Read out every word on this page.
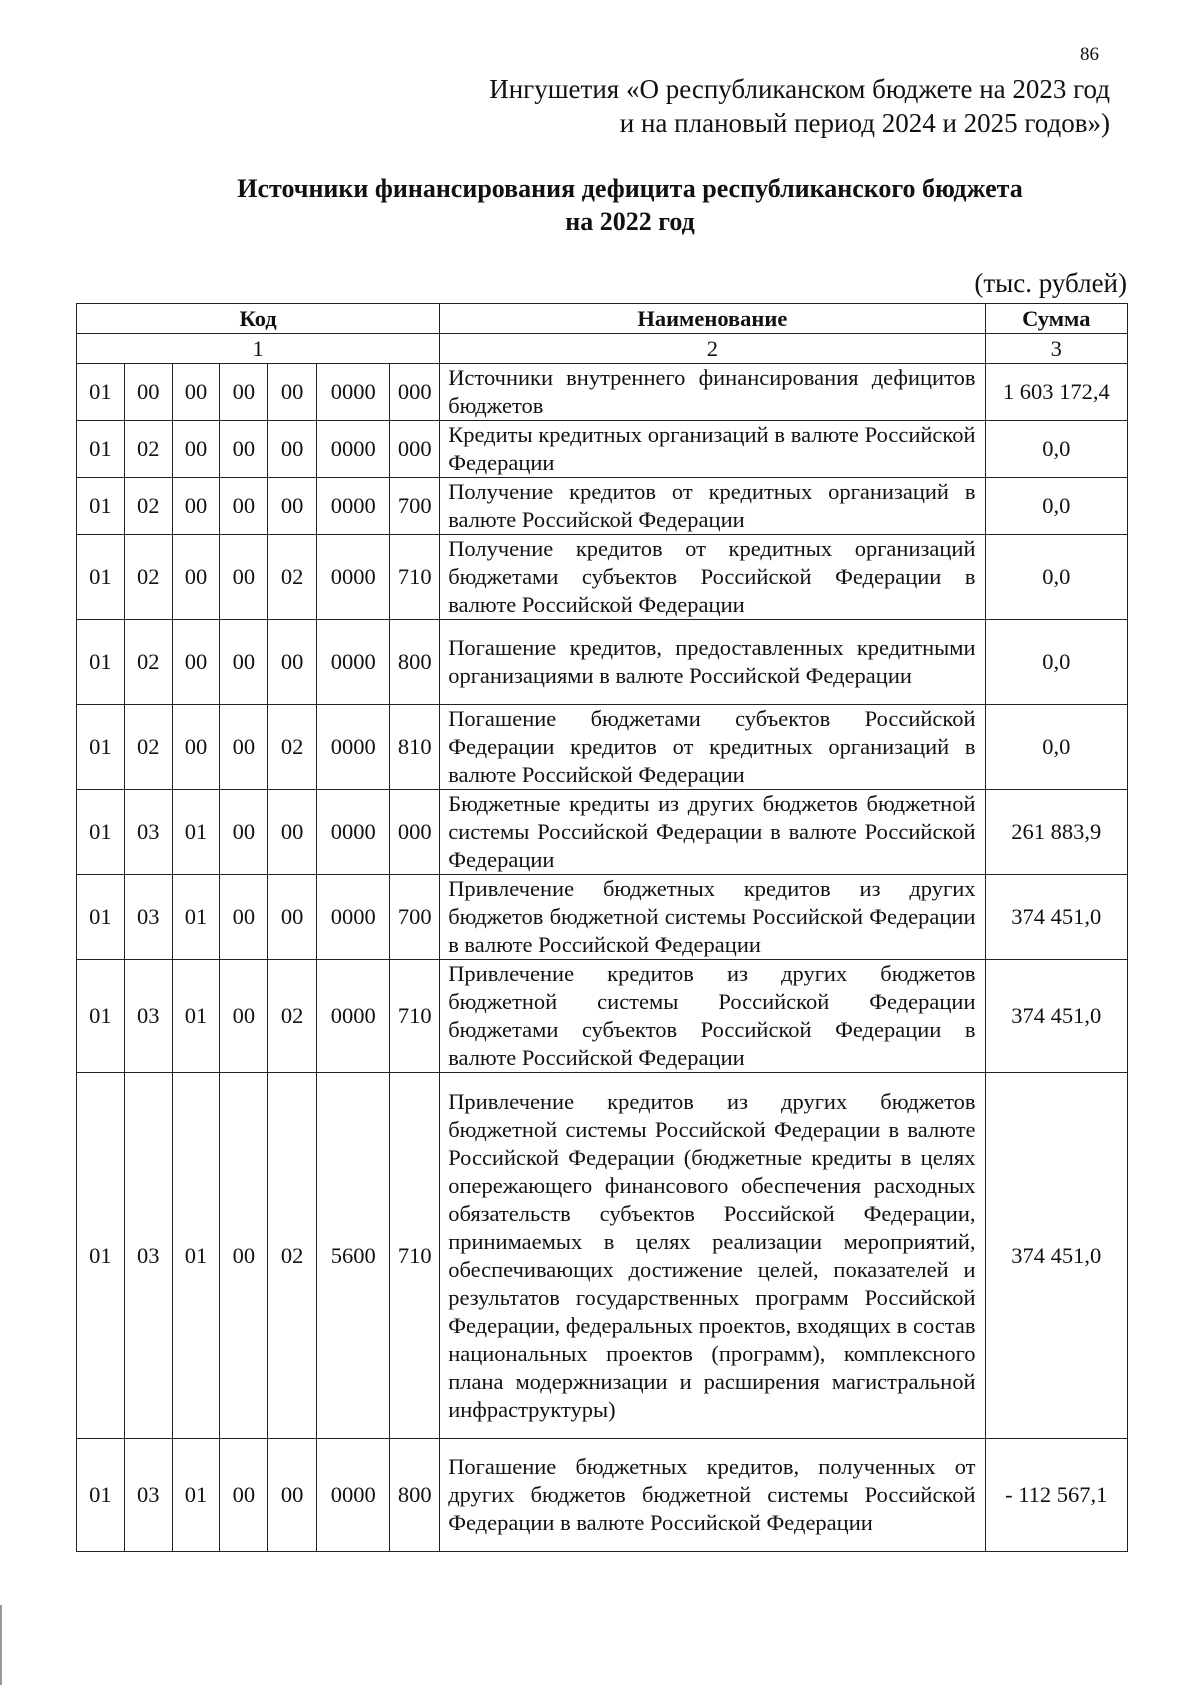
86
Ингушетия «О республиканском бюджете на 2023 год
и на плановый период 2024 и 2025 годов»)
Источники финансирования дефицита республиканского бюджета
на 2022 год
(тыс. рублей)
Код							Наименование	Сумма
1							2	3
01	00	00	00	00	0000	000	Источники внутреннего финансирования дефицитов бюджетов	1 603 172,4
01	02	00	00	00	0000	000	Кредиты кредитных организаций в валюте Российской Федерации	0,0
01	02	00	00	00	0000	700	Получение кредитов от кредитных организаций в валюте Российской Федерации	0,0
01	02	00	00	02	0000	710	Получение кредитов от кредитных организаций бюджетами субъектов Российской Федерации в валюте Российской Федерации	0,0
01	02	00	00	00	0000	800	Погашение кредитов, предоставленных кредитными организациями в валюте Российской Федерации	0,0
01	02	00	00	02	0000	810	Погашение бюджетами субъектов Российской Федерации кредитов от кредитных организаций в валюте Российской Федерации	0,0
01	03	01	00	00	0000	000	Бюджетные кредиты из других бюджетов бюджетной системы Российской Федерации в валюте Российской Федерации	261 883,9
01	03	01	00	00	0000	700	Привлечение бюджетных кредитов из других бюджетов бюджетной системы Российской Федерации в валюте Российской Федерации	374 451,0
01	03	01	00	02	0000	710	Привлечение кредитов из других бюджетов бюджетной системы Российской Федерации бюджетами субъектов Российской Федерации в валюте Российской Федерации	374 451,0
01	03	01	00	02	5600	710	Привлечение кредитов из других бюджетов бюджетной системы Российской Федерации в валюте Российской Федерации (бюджетные кредиты в целях опережающего финансового обеспечения расходных обязательств субъектов Российской Федерации, принимаемых в целях реализации мероприятий, обеспечивающих достижение целей, показателей и результатов государственных программ Российской Федерации, федеральных проектов, входящих в состав национальных проектов (программ), комплексного плана модержнизации и расширения магистральной инфраструктуры)	374 451,0
01	03	01	00	00	0000	800	Погашение бюджетных кредитов, полученных от других бюджетов бюджетной системы Российской Федерации в валюте Российской Федерации	- 112 567,1
